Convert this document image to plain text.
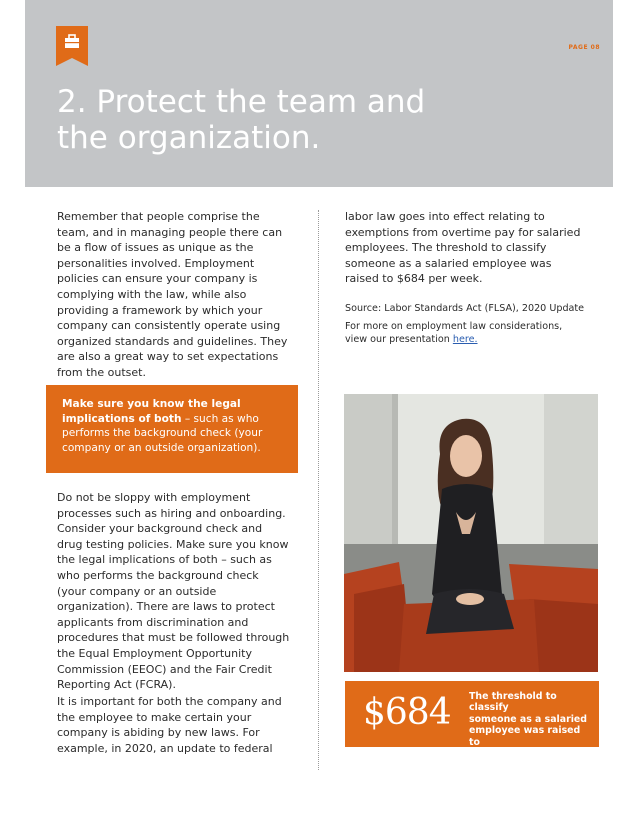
PAGE 08
2. Protect the team and
the organization.

Remember that people comprise the
team, and in managing people there can
be a flow of issues as unique as the
personalities involved. Employment
policies can ensure your company is
complying with the law, while also
providing a framework by which your
company can consistently operate using
organized standards and guidelines. They
are also a great way to set expectations
from the outset.

Make sure you know the legal
implications of both – such as who
performs the background check (your
company or an outside organization).

Do not be sloppy with employment
processes such as hiring and onboarding.
Consider your background check and
drug testing policies. Make sure you know
the legal implications of both – such as
who performs the background check
(your company or an outside
organization). There are laws to protect
applicants from discrimination and
procedures that must be followed through
the Equal Employment Opportunity
Commission (EEOC) and the Fair Credit
Reporting Act (FCRA).

It is important for both the company and
the employee to make certain your
company is abiding by new laws. For
example, in 2020, an update to federal

labor law goes into effect relating to
exemptions from overtime pay for salaried
employees. The threshold to classify
someone as a salaried employee was
raised to $684 per week.

Source: Labor Standards Act (FLSA), 2020 Update

For more on employment law considerations,
view our presentation here.

$684 The threshold to classify
someone as a salaried
employee was raised to
$684 per week in 2020.
